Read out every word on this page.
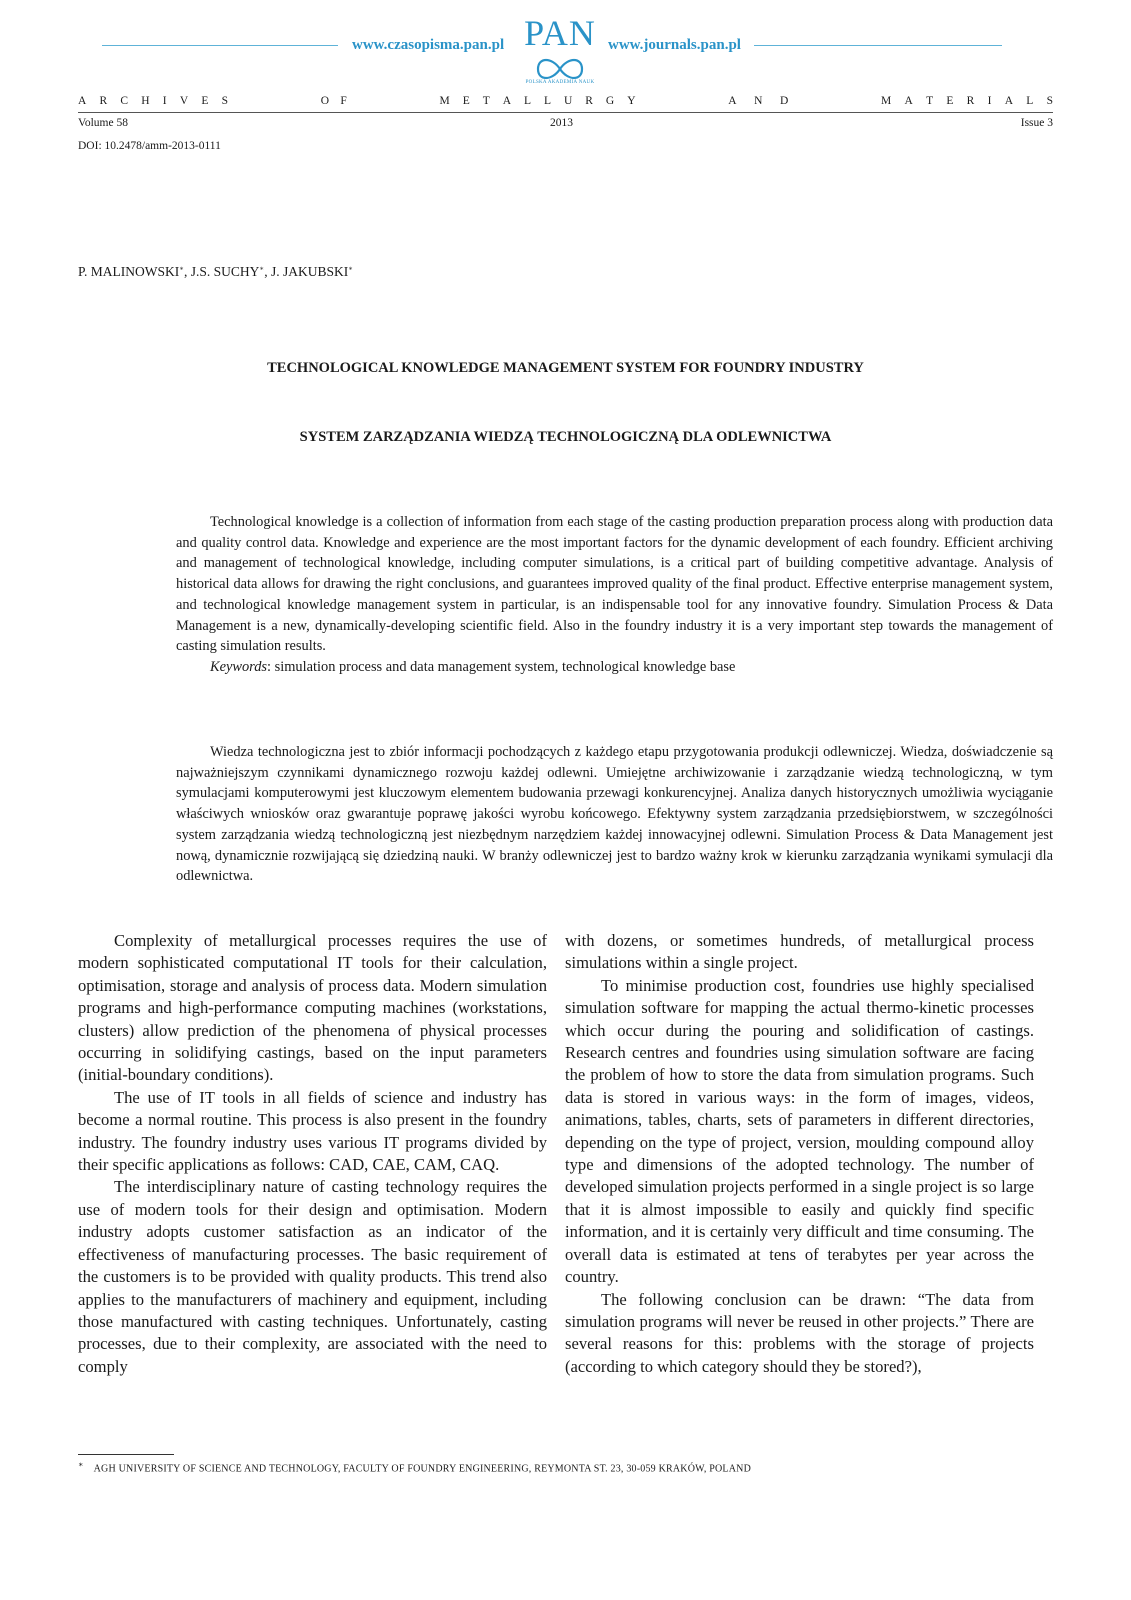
www.czasopisma.pan.pl PAN
POLSKA AKADEMIA NAUK
www.journals.pan.pl
A R C H I V E S	O F	M E T A L L U R G Y	A N D	M A T E R I A L S
Volume 58	2013	Issue 3
DOI: 10.2478/amm-2013-0111
P. MALINOWSKI∗, J.S. SUCHY∗, J. JAKUBSKI∗
TECHNOLOGICAL KNOWLEDGE MANAGEMENT SYSTEM FOR FOUNDRY INDUSTRY
SYSTEM ZARZĄDZANIA WIEDZĄ TECHNOLOGICZNĄ DLA ODLEWNICTWA

Technological knowledge is a collection of information from each stage of the casting production preparation process along with production data and quality control data. Knowledge and experience are the most important factors for the dynamic development of each foundry. Efficient archiving and management of technological knowledge, including computer simulations, is a critical part of building competitive advantage. Analysis of historical data allows for drawing the right conclusions, and guarantees improved quality of the final product. Effective enterprise management system, and technological knowledge management system in particular, is an indispensable tool for any innovative foundry. Simulation Process & Data Management is a new, dynamically-developing scientific field. Also in the foundry industry it is a very important step towards the management of casting simulation results.

Keywords: simulation process and data management system, technological knowledge base

Wiedza technologiczna jest to zbiór informacji pochodzących z każdego etapu przygotowania produkcji odlewniczej. Wiedza, doświadczenie są najważniejszym czynnikami dynamicznego rozwoju każdej odlewni. Umiejętne archiwizowanie i zarządzanie wiedzą technologiczną, w tym symulacjami komputerowymi jest kluczowym elementem budowania przewagi konkurencyjnej. Analiza danych historycznych umożliwia wyciąganie właściwych wniosków oraz gwarantuje poprawę jakości wyrobu końcowego. Efektywny system zarządzania przedsiębiorstwem, w szczególności system zarządzania wiedzą technologiczną jest niezbędnym narzędziem każdej innowacyjnej odlewni. Simulation Process & Data Management jest nową, dynamicznie rozwijającą się dziedziną nauki. W branży odlewniczej jest to bardzo ważny krok w kierunku zarządzania wynikami symulacji dla odlewnictwa.

Complexity of metallurgical processes requires the use of modern sophisticated computational IT tools for their calculation, optimisation, storage and analysis of process data. Modern simulation programs and high-performance computing machines (workstations, clusters) allow prediction of the phenomena of physical processes occurring in solidifying castings, based on the input parameters (initial-boundary conditions).

The use of IT tools in all fields of science and industry has become a normal routine. This process is also present in the foundry industry. The foundry industry uses various IT programs divided by their specific applications as follows: CAD, CAE, CAM, CAQ.

The interdisciplinary nature of casting technology requires the use of modern tools for their design and optimisation. Modern industry adopts customer satisfaction as an indicator of the effectiveness of manufacturing processes. The basic requirement of the customers is to be provided with quality products. This trend also applies to the manufacturers of machinery and equipment, including those manufactured with casting techniques. Unfortunately, casting processes, due to their complexity, are associated with the need to comply

with dozens, or sometimes hundreds, of metallurgical process simulations within a single project.

To minimise production cost, foundries use highly specialised simulation software for mapping the actual thermo-kinetic processes which occur during the pouring and solidification of castings. Research centres and foundries using simulation software are facing the problem of how to store the data from simulation programs. Such data is stored in various ways: in the form of images, videos, animations, tables, charts, sets of parameters in different directories, depending on the type of project, version, moulding compound alloy type and dimensions of the adopted technology. The number of developed simulation projects performed in a single project is so large that it is almost impossible to easily and quickly find specific information, and it is certainly very difficult and time consuming. The overall data is estimated at tens of terabytes per year across the country.

The following conclusion can be drawn: “The data from simulation programs will never be reused in other projects.” There are several reasons for this: problems with the storage of projects (according to which category should they be stored?),

∗ AGH UNIVERSITY OF SCIENCE AND TECHNOLOGY, FACULTY OF FOUNDRY ENGINEERING, REYMONTA ST. 23, 30-059 KRAKÓW, POLAND
